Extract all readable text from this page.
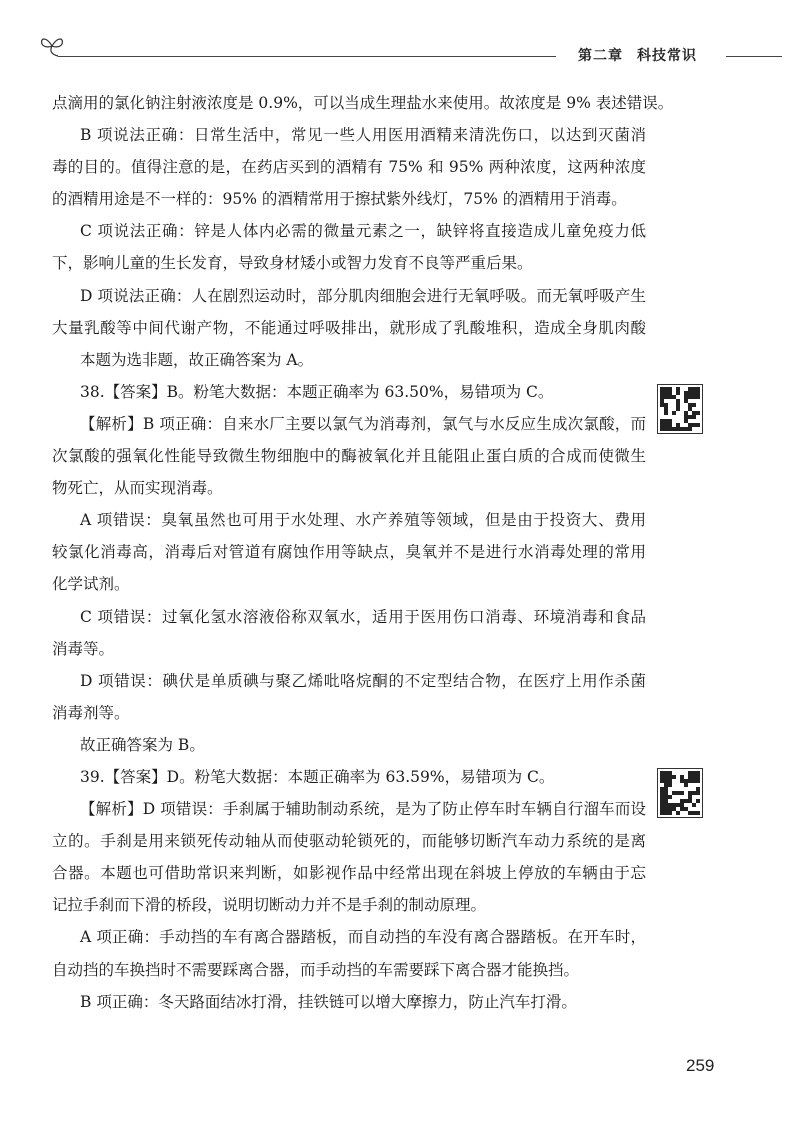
第二章 科技常识
点滴用的氯化钠注射液浓度是 0.9%，可以当成生理盐水来使用。故浓度是 9% 表述错误。
B 项说法正确：日常生活中，常见一些人用医用酒精来清洗伤口，以达到灭菌消
毒的目的。值得注意的是，在药店买到的酒精有 75% 和 95% 两种浓度，这两种浓度
的酒精用途是不一样的：95% 的酒精常用于擦拭紫外线灯，75% 的酒精用于消毒。
C 项说法正确：锌是人体内必需的微量元素之一，缺锌将直接造成儿童免疫力低
下，影响儿童的生长发育，导致身材矮小或智力发育不良等严重后果。
D 项说法正确：人在剧烈运动时，部分肌肉细胞会进行无氧呼吸。而无氧呼吸产生
大量乳酸等中间代谢产物，不能通过呼吸排出，就形成了乳酸堆积，造成全身肌肉酸
本题为选非题，故正确答案为 A。
38.【答案】B。粉笔大数据：本题正确率为 63.50%，易错项为 C。
【解析】B 项正确：自来水厂主要以氯气为消毒剂，氯气与水反应生成次氯酸，而
次氯酸的强氧化性能导致微生物细胞中的酶被氧化并且能阻止蛋白质的合成而使微生
物死亡，从而实现消毒。
A 项错误：臭氧虽然也可用于水处理、水产养殖等领域，但是由于投资大、费用
较氯化消毒高，消毒后对管道有腐蚀作用等缺点，臭氧并不是进行水消毒处理的常用
化学试剂。
C 项错误：过氧化氢水溶液俗称双氧水，适用于医用伤口消毒、环境消毒和食品
消毒等。
D 项错误：碘伏是单质碘与聚乙烯吡咯烷酮的不定型结合物，在医疗上用作杀菌
消毒剂等。
故正确答案为 B。
39.【答案】D。粉笔大数据：本题正确率为 63.59%，易错项为 C。
【解析】D 项错误：手刹属于辅助制动系统，是为了防止停车时车辆自行溜车而设
立的。手刹是用来锁死传动轴从而使驱动轮锁死的，而能够切断汽车动力系统的是离
合器。本题也可借助常识来判断，如影视作品中经常出现在斜坡上停放的车辆由于忘
记拉手刹而下滑的桥段，说明切断动力并不是手刹的制动原理。
A 项正确：手动挡的车有离合器踏板，而自动挡的车没有离合器踏板。在开车时，
自动挡的车换挡时不需要踩离合器，而手动挡的车需要踩下离合器才能换挡。
B 项正确：冬天路面结冰打滑，挂铁链可以增大摩擦力，防止汽车打滑。
259
